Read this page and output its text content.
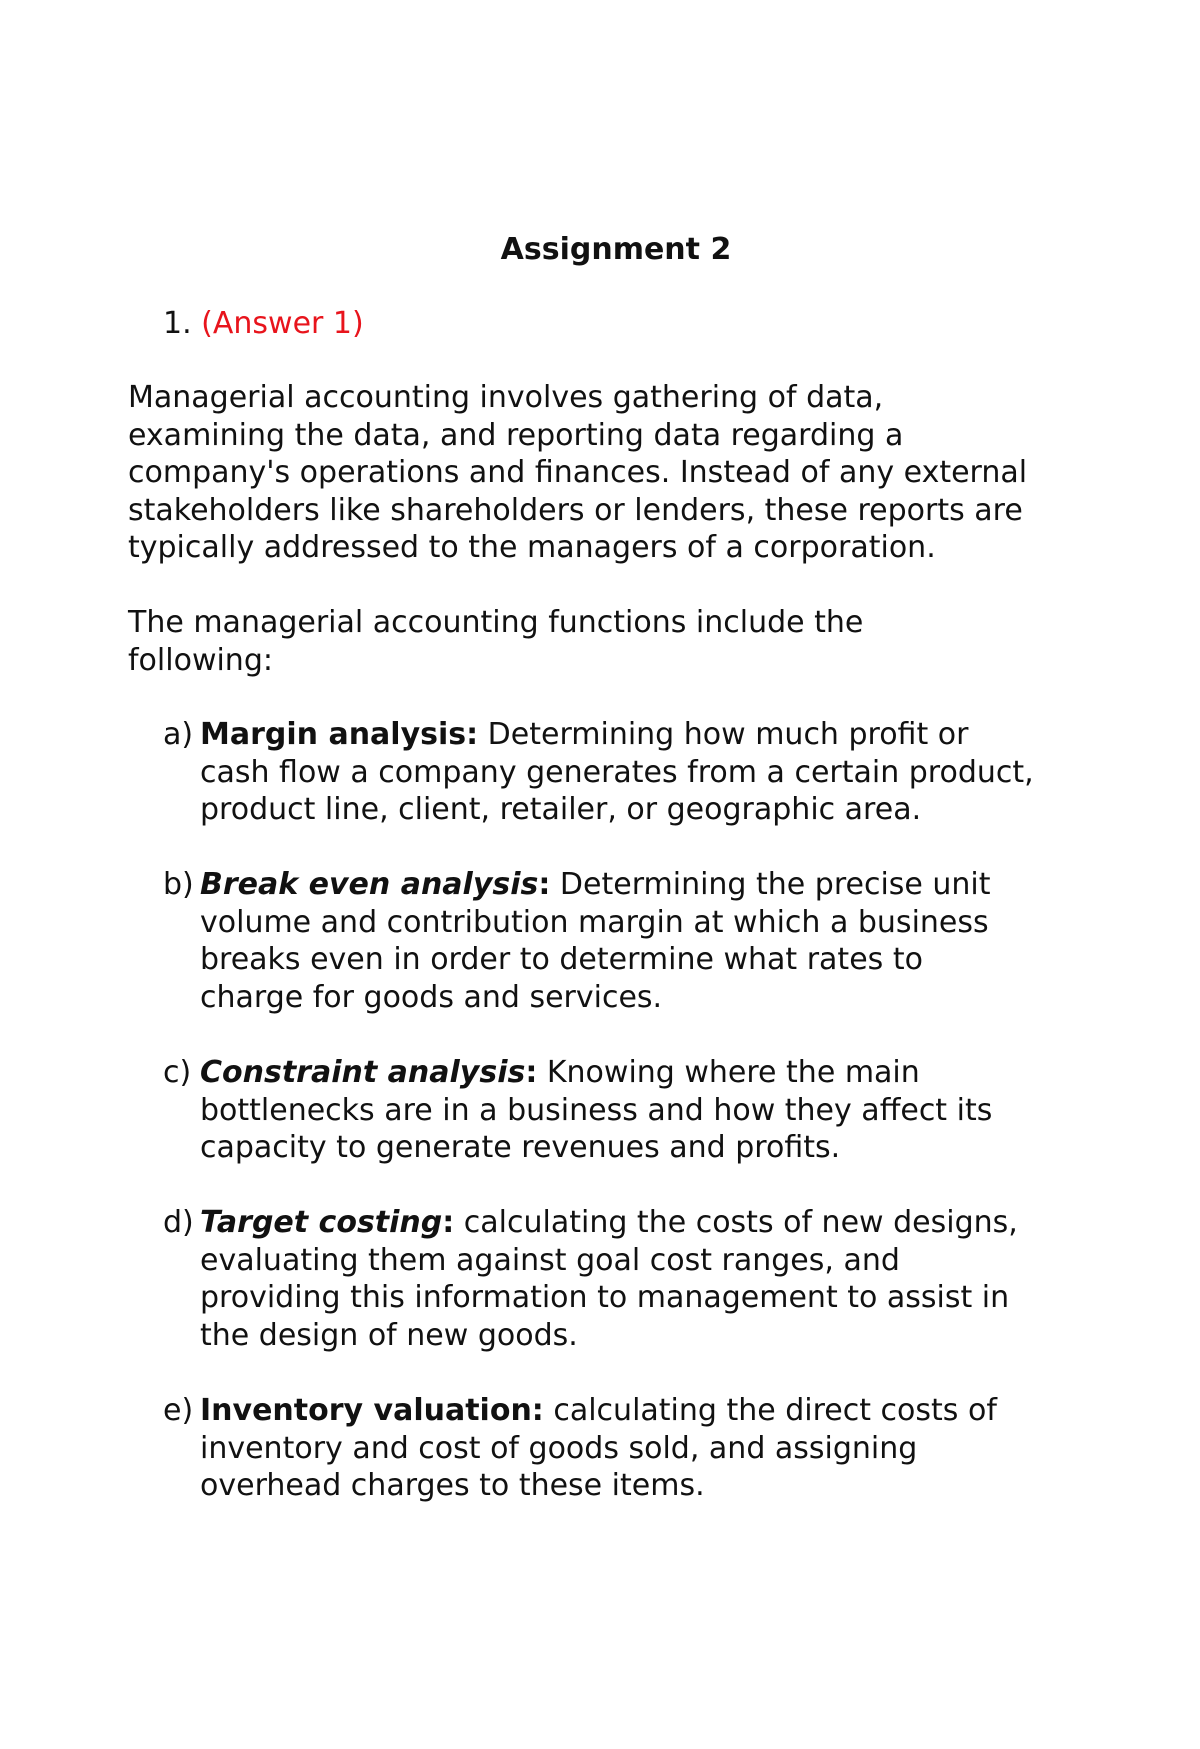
Assignment 2

1. (Answer 1)

Managerial accounting involves gathering of data,
examining the data, and reporting data regarding a
company's operations and finances. Instead of any external
stakeholders like shareholders or lenders, these reports are
typically addressed to the managers of a corporation.

The managerial accounting functions include the
following:

a) Margin analysis: Determining how much profit or
cash flow a company generates from a certain product,
product line, client, retailer, or geographic area.
b) Break even analysis: Determining the precise unit
volume and contribution margin at which a business
breaks even in order to determine what rates to
charge for goods and services.
c) Constraint analysis: Knowing where the main
bottlenecks are in a business and how they affect its
capacity to generate revenues and profits.
d) Target costing: calculating the costs of new designs,
evaluating them against goal cost ranges, and
providing this information to management to assist in
the design of new goods.
e) Inventory valuation: calculating the direct costs of
inventory and cost of goods sold, and assigning
overhead charges to these items.
